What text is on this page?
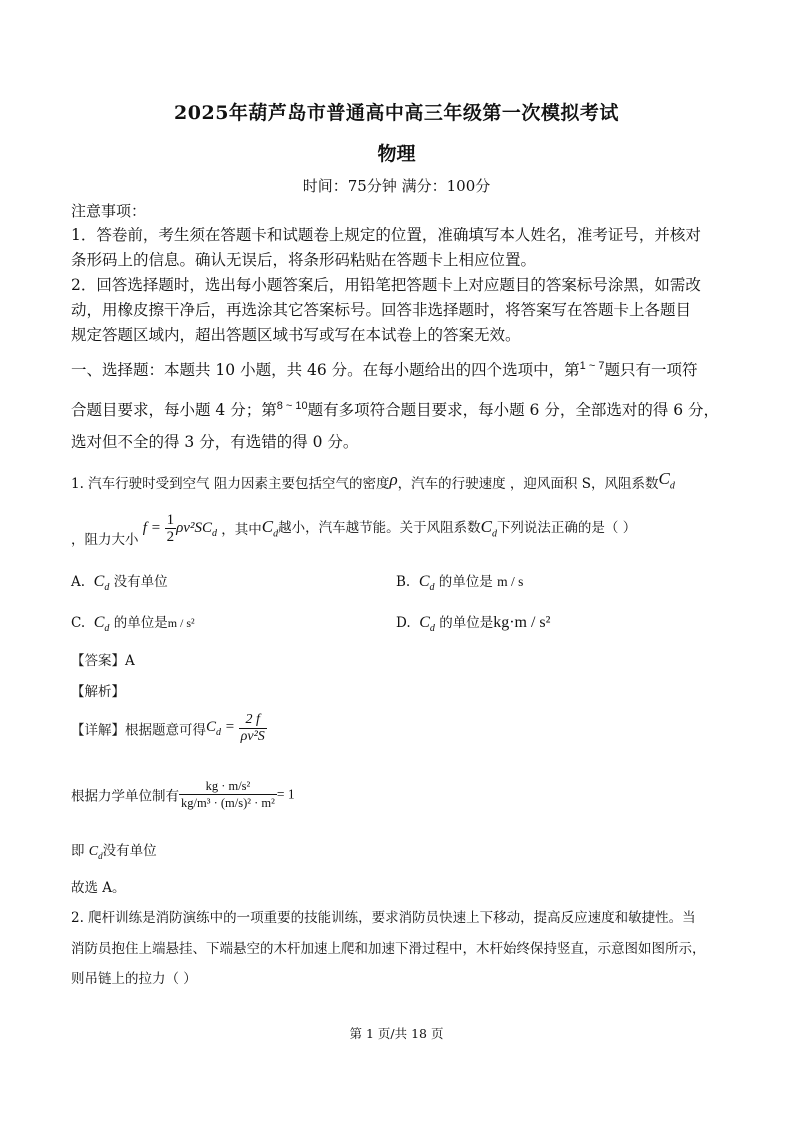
2025年葫芦岛市普通高中高三年级第一次模拟考试
物理
时间：75分钟 满分：100分
注意事项：
1．答卷前，考生须在答题卡和试题卷上规定的位置，准确填写本人姓名，准考证号，并核对
条形码上的信息。确认无误后，将条形码粘贴在答题卡上相应位置。
2．回答选择题时，选出每小题答案后，用铅笔把答题卡上对应题目的答案标号涂黑，如需改
动，用橡皮擦干净后，再选涂其它答案标号。回答非选择题时，将答案写在答题卡上各题目
规定答题区域内，超出答题区域书写或写在本试卷上的答案无效。
一、选择题：本题共 10 小题，共 46 分。在每小题给出的四个选项中，第$^{1 \sim 7}$题只有一项符
合题目要求，每小题 4 分；第$^{8 \sim 10}$题有多项符合题目要求，每小题 6 分，全部选对的得 6 分，
选对但不全的得 3 分，有选错的得 0 分。
1. 汽车行驶时受到空气 阻力因素主要包括空气的密度ρ，汽车的行驶速度 ，迎风面积 S，风阻系数$C_d$
，阻力大小 $f = \frac{1}{2} \rho v^2SC_d$ ，其中$C_d$越小，汽车越节能。关于风阻系数$C_d$下列说法正确的是（ ）
A. $C_d$ 没有单位	B. $C_d$ 的单位是 m / s
C. $C_d$ 的单位是m / s²	D. $C_d$ 的单位是kg·m / s²
【答案】A
【解析】
【详解】根据题意可得$C_d = \frac{2 f}{\text{ρv²S}}$
根据力学单位制有 $\frac{\text{kg · m/s²}}{\text{kg/m³ · (m/s)² · m²}} = 1$
即 $C_d$没有单位
故选 A。
2. 爬杆训练是消防演练中的一项重要的技能训练，要求消防员快速上下移动，提高反应速度和敏捷性。当
消防员抱住上端悬挂、下端悬空的木杆加速上爬和加速下滑过程中，木杆始终保持竖直，示意图如图所示，
则吊链上的拉力（ ）
第 1 页/共 18 页
